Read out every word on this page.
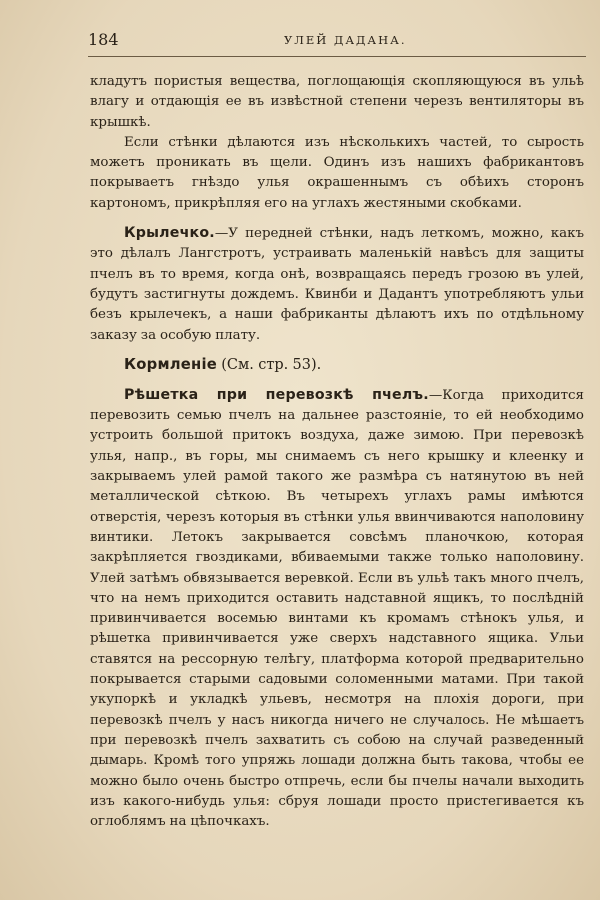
184	УЛЕЙ ДАДАНА.

кладутъ пористыя вещества, поглощающія скопляющуюся въ ульѣ влагу и отдающія ее въ извѣстной степени черезъ вентиляторы въ крышкѣ.

Если стѣнки дѣлаются изъ нѣсколькихъ частей, то сырость можетъ проникать въ щели. Одинъ изъ нашихъ фабрикантовъ покрываетъ гнѣздо улья окрашеннымъ съ обѣихъ сторонъ картономъ, прикрѣпляя его на углахъ жестяными скобками.

Крылечко.—У передней стѣнки, надъ леткомъ, можно, какъ это дѣлалъ Лангстротъ, устраивать маленькій навѣсъ для защиты пчелъ въ то время, когда онѣ, возвращаясь передъ грозою въ улей, будутъ застигнуты дождемъ. Квинби и Дадантъ употребляютъ ульи безъ крылечекъ, а наши фабриканты дѣлаютъ ихъ по отдѣльному заказу за особую плату.

Кормленіе (См. стр. 53).

Рѣшетка при перевозкѣ пчелъ.—Когда приходится перевозить семью пчелъ на дальнее разстояніе, то ей необходимо устроить большой притокъ воздуха, даже зимою. При перевозкѣ улья, напр., въ горы, мы снимаемъ съ него крышку и клеенку и закрываемъ улей рамой такого же размѣра съ натянутою въ ней металлической сѣткою. Въ четырехъ углахъ рамы имѣются отверстія, черезъ которыя въ стѣнки улья ввинчиваются наполовину винтики. Летокъ закрывается совсѣмъ планочкою, которая закрѣпляется гвоздиками, вбиваемыми также только наполовину. Улей затѣмъ обвязывается веревкой. Если въ ульѣ такъ много пчелъ, что на немъ приходится оставить надставной ящикъ, то послѣдній привинчивается восемью винтами къ кромамъ стѣнокъ улья, и рѣшетка привинчивается уже сверхъ надставного ящика. Ульи ставятся на рессорную телѣгу, платформа которой предварительно покрывается старыми садовыми соломенными матами. При такой укупоркѣ и укладкѣ ульевъ, несмотря на плохія дороги, при перевозкѣ пчелъ у насъ никогда ничего не случалось. Не мѣшаетъ при перевозкѣ пчелъ захватить съ собою на случай разведенный дымарь. Кромѣ того упряжь лошади должна быть такова, чтобы ее можно было очень быстро отпречь, если бы пчелы начали выходить изъ какого-нибудь улья: сбруя лошади просто пристегивается къ оглоблямъ на цѣпочкахъ.
